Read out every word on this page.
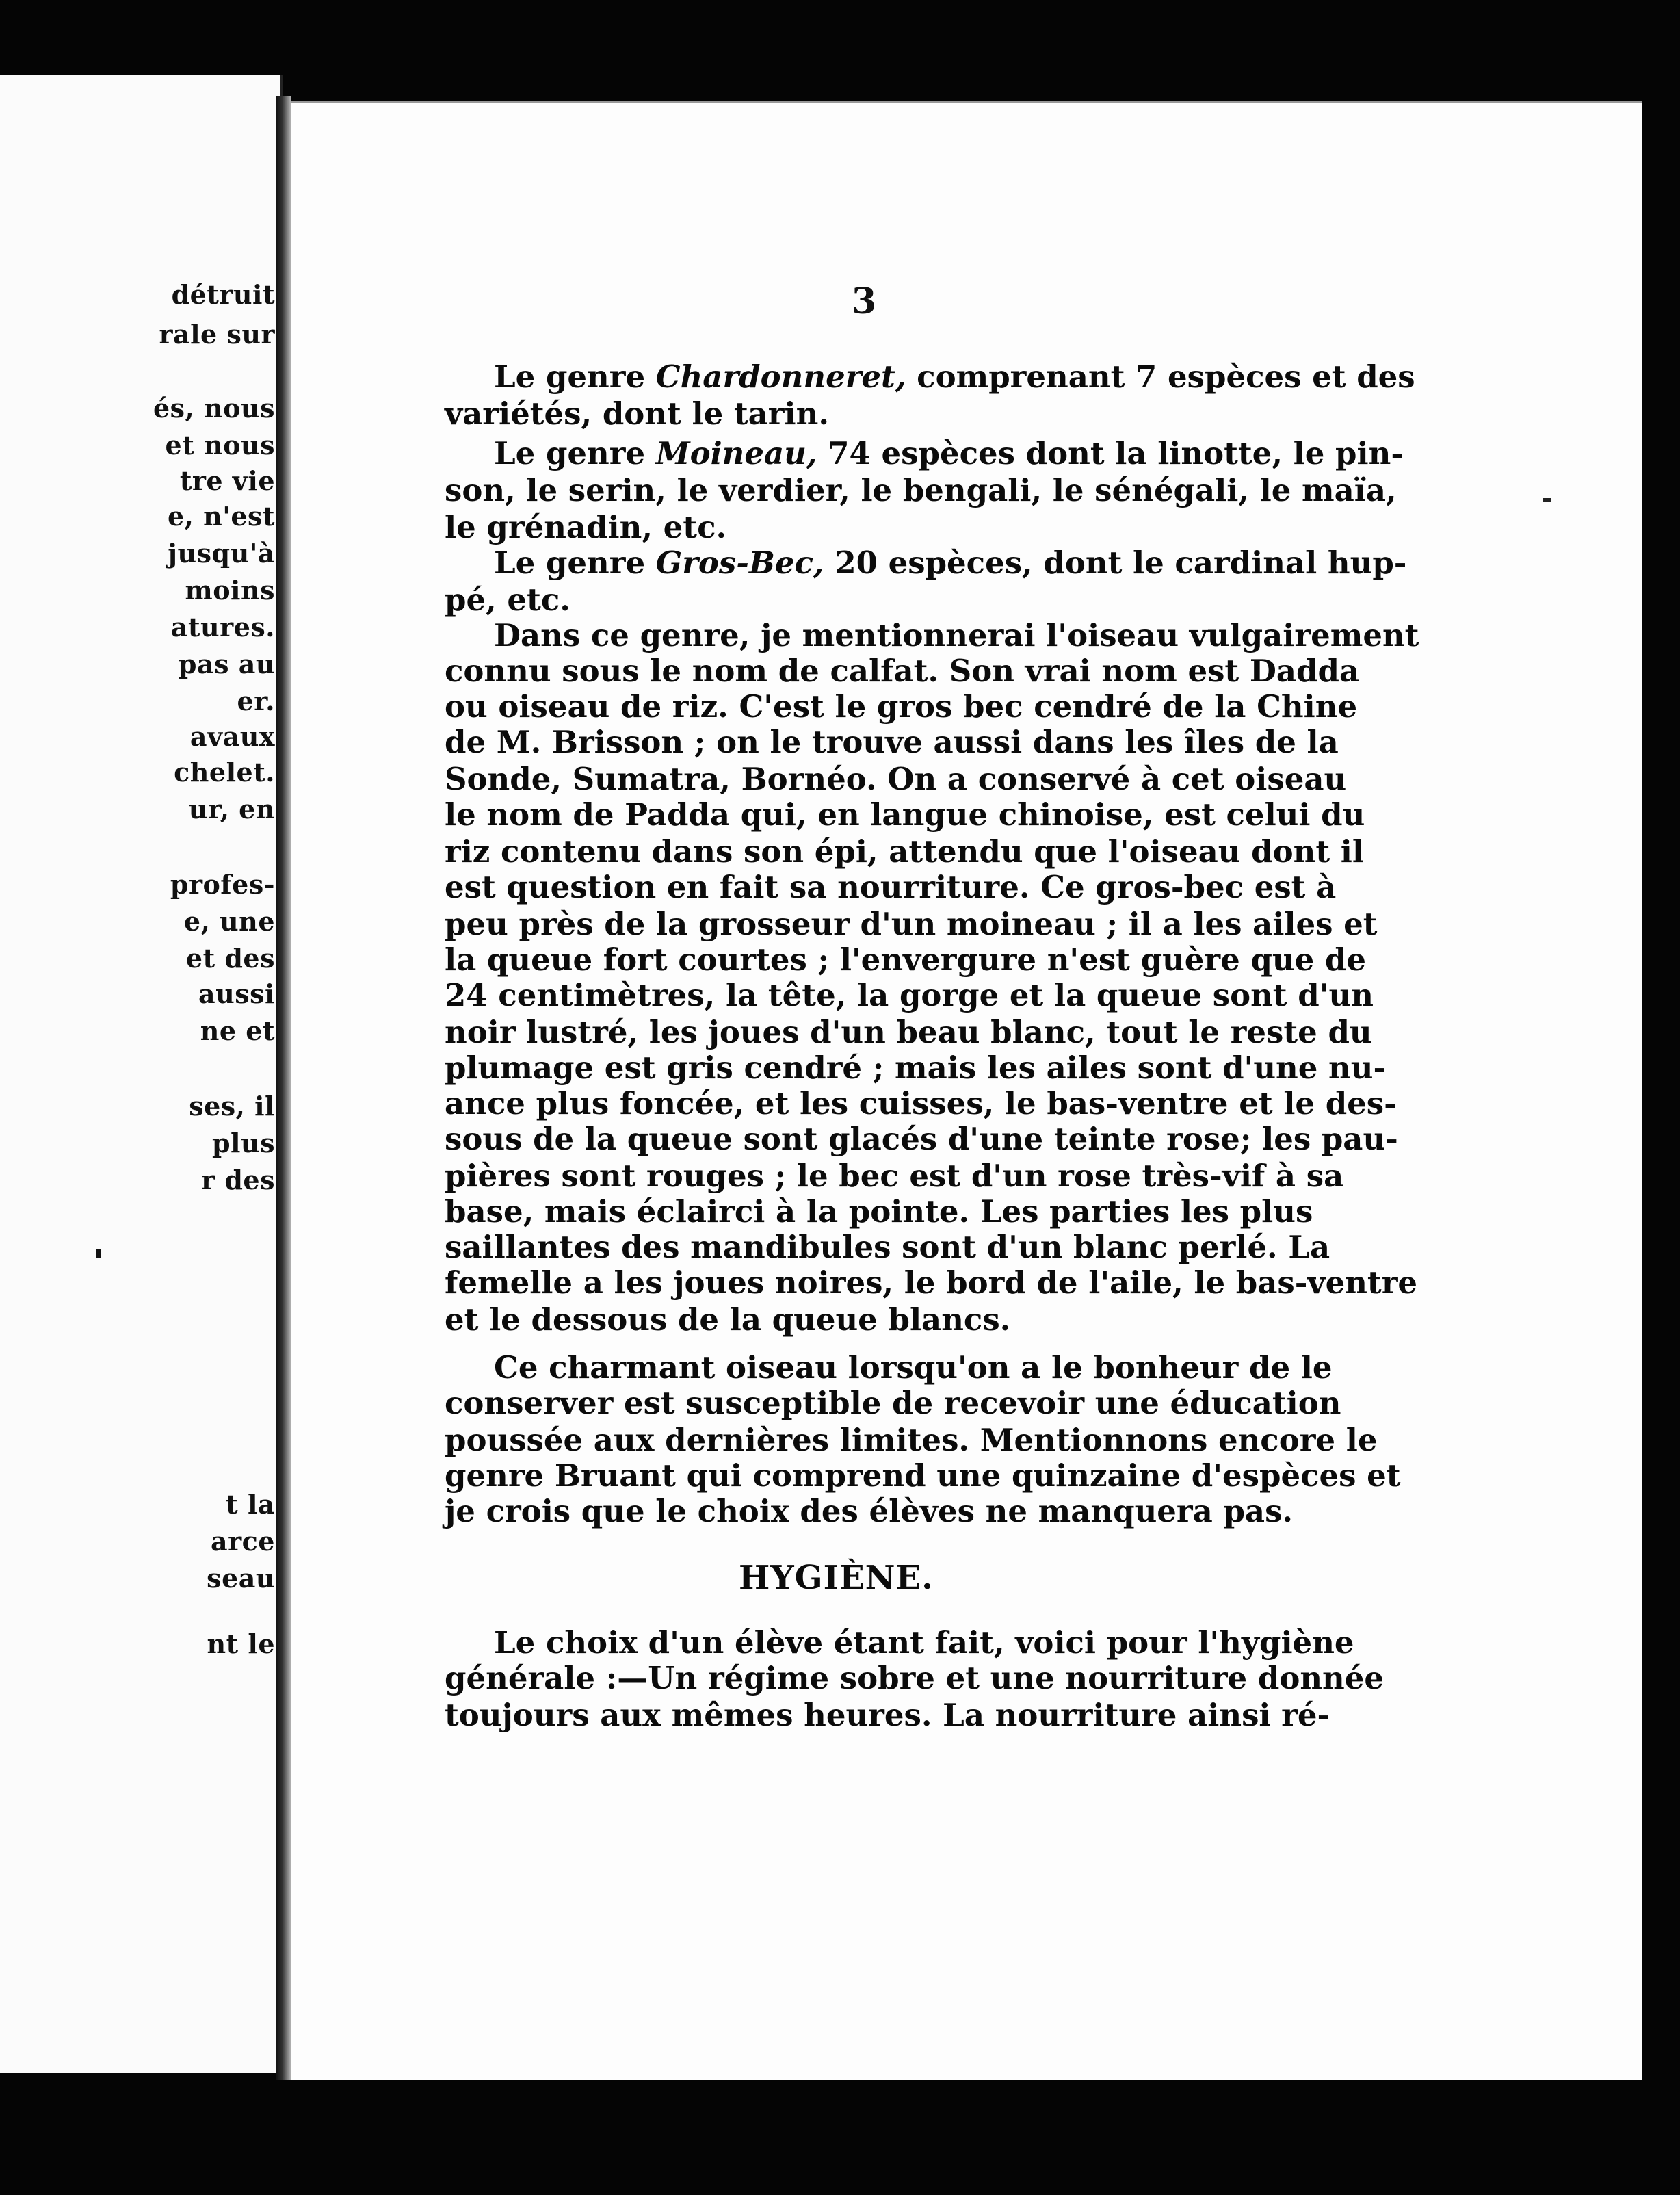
détruit
rale sur
és, nous
et nous
tre vie
e, n'est
jusqu'à
moins
atures.
pas au
er.
avaux
chelet.
ur, en
profes-
e, une
et des
aussi
ne et
ses, il
plus
r des
t la
arce
seau
nt le
3
Le genre Chardonneret, comprenant 7 espèces et des
variétés, dont le tarin.
Le genre Moineau, 74 espèces dont la linotte, le pin-
son, le serin, le verdier, le bengali, le sénégali, le maïa,
le grénadin, etc.
Le genre Gros-Bec, 20 espèces, dont le cardinal hup-
pé, etc.
Dans ce genre, je mentionnerai l'oiseau vulgairement
connu sous le nom de calfat. Son vrai nom est Dadda
ou oiseau de riz. C'est le gros bec cendré de la Chine
de M. Brisson ; on le trouve aussi dans les îles de la
Sonde, Sumatra, Bornéo. On a conservé à cet oiseau
le nom de Padda qui, en langue chinoise, est celui du
riz contenu dans son épi, attendu que l'oiseau dont il
est question en fait sa nourriture. Ce gros-bec est à
peu près de la grosseur d'un moineau ; il a les ailes et
la queue fort courtes ; l'envergure n'est guère que de
24 centimètres, la tête, la gorge et la queue sont d'un
noir lustré, les joues d'un beau blanc, tout le reste du
plumage est gris cendré ; mais les ailes sont d'une nu-
ance plus foncée, et les cuisses, le bas-ventre et le des-
sous de la queue sont glacés d'une teinte rose; les pau-
pières sont rouges ; le bec est d'un rose très-vif à sa
base, mais éclairci à la pointe. Les parties les plus
saillantes des mandibules sont d'un blanc perlé. La
femelle a les joues noires, le bord de l'aile, le bas-ventre
et le dessous de la queue blancs.
Ce charmant oiseau lorsqu'on a le bonheur de le
conserver est susceptible de recevoir une éducation
poussée aux dernières limites. Mentionnons encore le
genre Bruant qui comprend une quinzaine d'espèces et
je crois que le choix des élèves ne manquera pas.
Le choix d'un élève étant fait, voici pour l'hygiène
générale :—Un régime sobre et une nourriture donnée
toujours aux mêmes heures. La nourriture ainsi ré-
HYGIÈNE.
